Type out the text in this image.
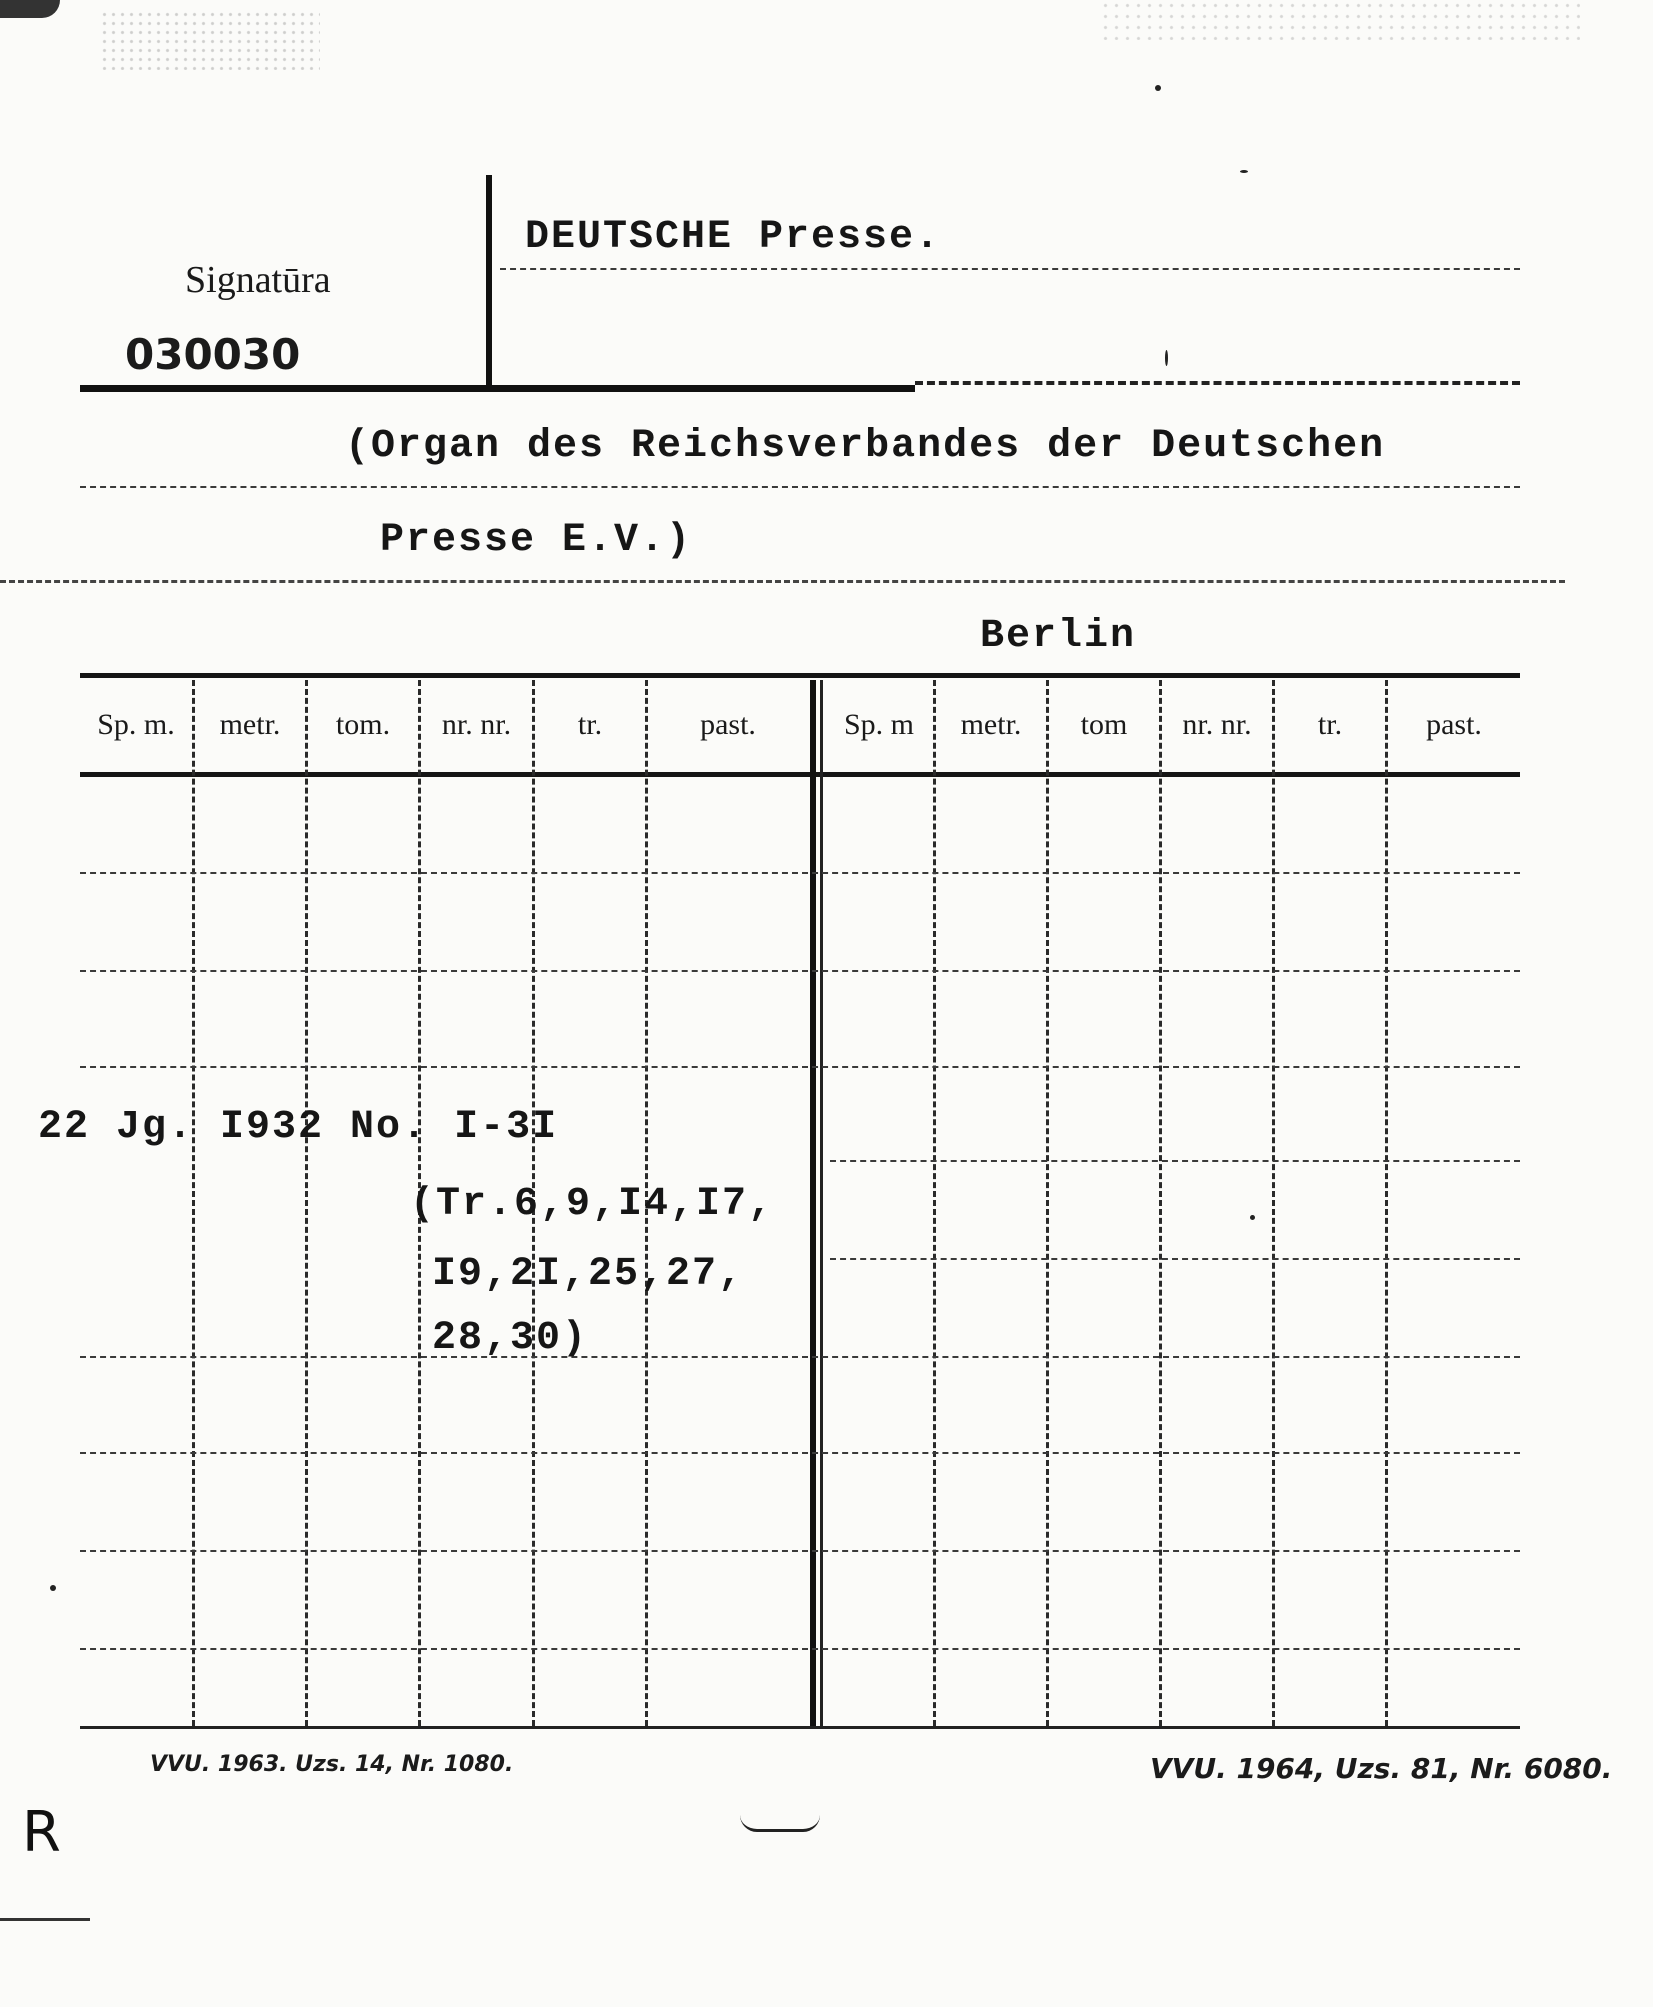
Signatūra
030030
DEUTSCHE Presse.
(Organ des Reichsverbandes der Deutschen
Presse E.V.)
Berlin
Sp. m.	metr.	tom.	nr. nr.	tr.	past.	Sp. m	metr.	tom	nr. nr.	tr.	past.
22 Jg. I932 No. I-3I
(Tr.6,9,I4,I7,
I9,2I,25,27,
28,30)
VVU. 1963. Uzs. 14, Nr. 1080.	VVU. 1964, Uzs. 81, Nr. 6080.
R
